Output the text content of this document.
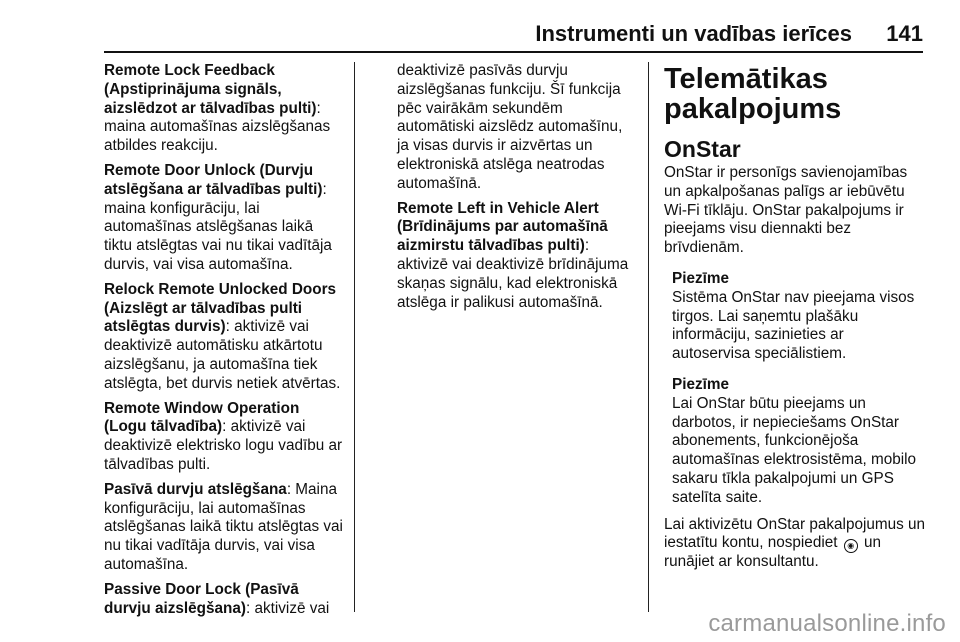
Instrumenti un vadības ierīces 141

Remote Lock Feedback (Apstiprinājuma signāls, aizslēdzot ar tālvadības pulti): maina automašīnas aizslēgšanas atbildes reakciju.

Remote Door Unlock (Durvju atslēgšana ar tālvadības pulti): maina konfigurāciju, lai automašīnas atslēgšanas laikā tiktu atslēgtas vai nu tikai vadītāja durvis, vai visa automašīna.

Relock Remote Unlocked Doors (Aizslēgt ar tālvadības pulti atslēgtas durvis): aktivizē vai deaktivizē automātisku atkārtotu aizslēgšanu, ja automašīna tiek atslēgta, bet durvis netiek atvērtas.

Remote Window Operation (Logu tālvadība): aktivizē vai deaktivizē elektrisko logu vadību ar tālvadības pulti.

Pasīvā durvju atslēgšana: Maina konfigurāciju, lai automašīnas atslēgšanas laikā tiktu atslēgtas vai nu tikai vadītāja durvis, vai visa automašīna.

Passive Door Lock (Pasīvā durvju aizslēgšana): aktivizē vai

deaktivizē pasīvās durvju aizslēgšanas funkciju. Šī funkcija pēc vairākām sekundēm automātiski aizslēdz automašīnu, ja visas durvis ir aizvērtas un elektroniskā atslēga neatrodas automašīnā.

Remote Left in Vehicle Alert (Brīdinājums par automašīnā aizmirstu tālvadības pulti): aktivizē vai deaktivizē brīdinājuma skaņas signālu, kad elektroniskā atslēga ir palikusi automašīnā.

Telemātikas pakalpojums
OnStar

OnStar ir personīgs savienojamības un apkalpošanas palīgs ar iebūvētu Wi-Fi tīklāju. OnStar pakalpojums ir pieejams visu diennakti bez brīvdienām.

Piezīme
Sistēma OnStar nav pieejama visos tirgos. Lai saņemtu plašāku informāciju, sazinieties ar autoservisa speciālistiem.
Piezīme
Lai OnStar būtu pieejams un darbotos, ir nepieciešams OnStar abonements, funkcionējoša automašīnas elektrosistēma, mobilo sakaru tīkla pakalpojumi un GPS satelīta saite.

Lai aktivizētu OnStar pakalpojumus un iestatītu kontu, nospiediet ◉ un runājiet ar konsultantu.

carmanualsonline.info
